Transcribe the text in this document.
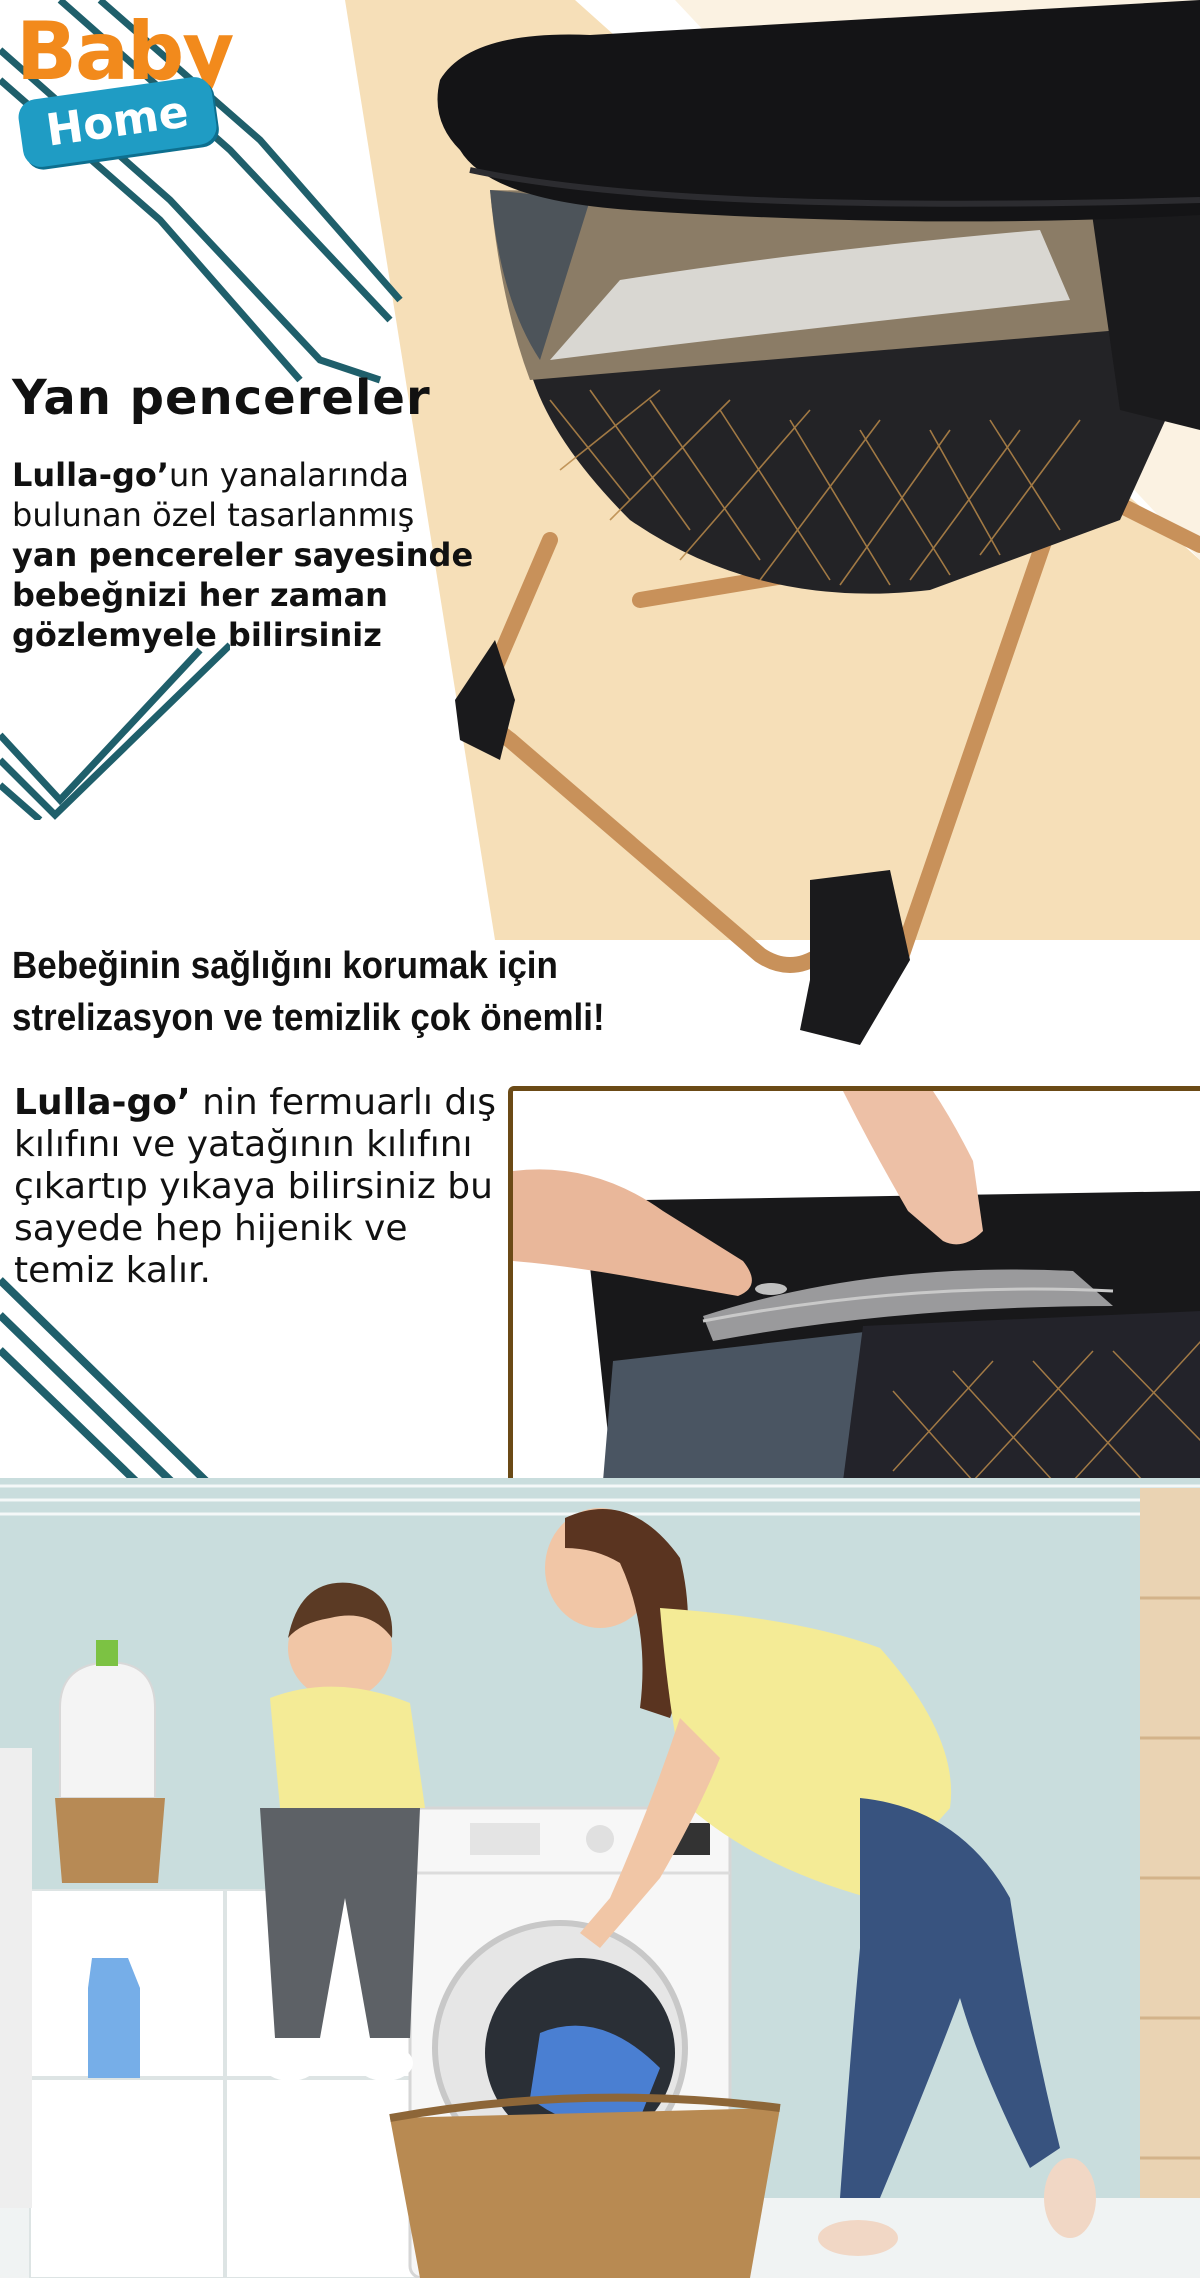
Baby
Home
Yan pencereler
Lulla-go’un yanalarında bulunan özel tasarlanmış
yan pencereler sayesinde bebeğnizi her zaman gözlemyele bilirsiniz
Bebeğinin sağlığını korumak için
strelizasyon ve temizlik çok önemli!
Lulla-go’ nin fermuarlı dış kılıfını ve yatağının kılıfını çıkartıp yıkaya bilirsiniz bu sayede hep hijenik ve temiz kalır.
